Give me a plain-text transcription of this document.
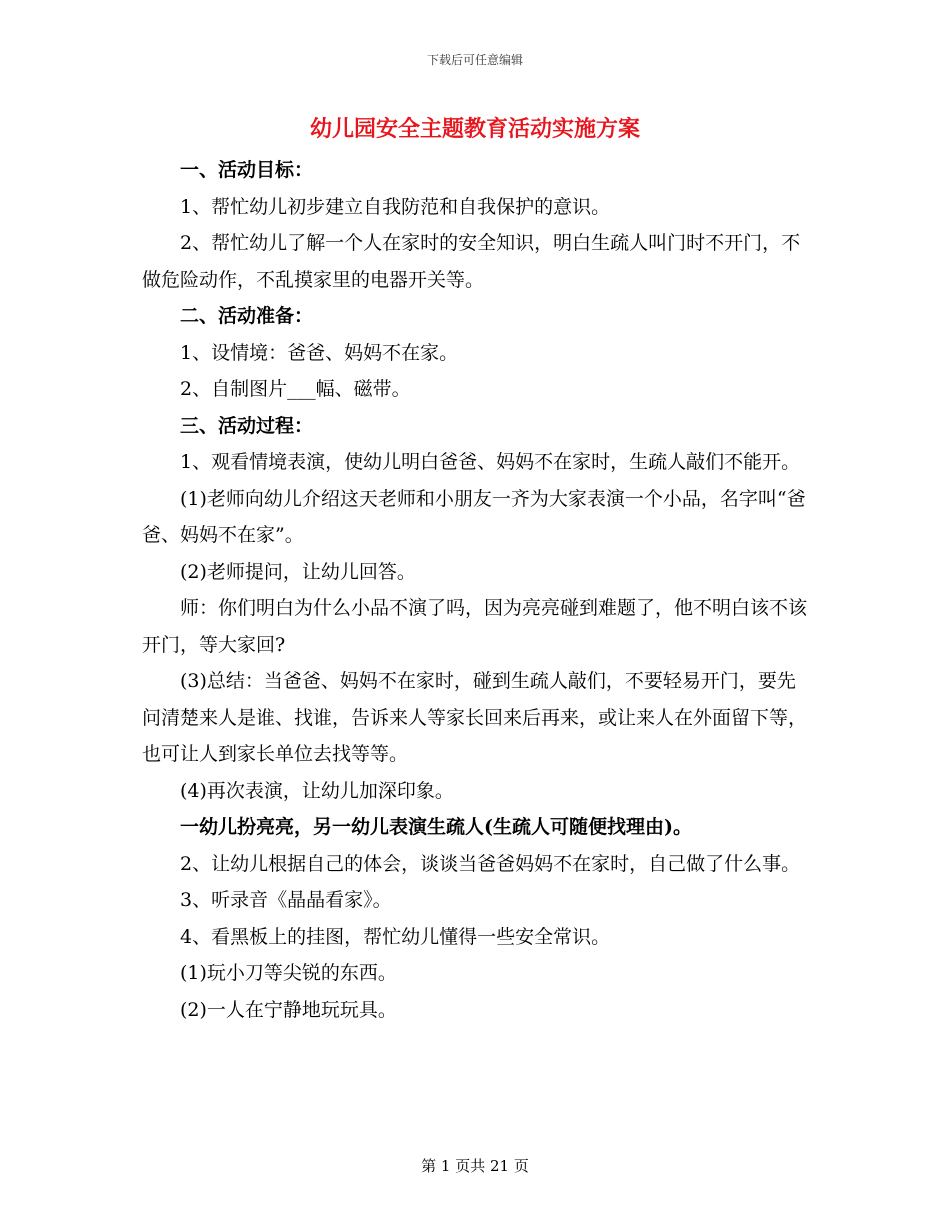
下载后可任意编辑
幼儿园安全主题教育活动实施方案

一、活动目标：

1、帮忙幼儿初步建立自我防范和自我保护的意识。

2、帮忙幼儿了解一个人在家时的安全知识，明白生疏人叫门时不开门，不做危险动作，不乱摸家里的电器开关等。

二、活动准备：

1、设情境：爸爸、妈妈不在家。

2、自制图片___幅、磁带。

三、活动过程：

1、观看情境表演，使幼儿明白爸爸、妈妈不在家时，生疏人敲们不能开。

(1)老师向幼儿介绍这天老师和小朋友一齐为大家表演一个小品，名字叫“爸爸、妈妈不在家”。

(2)老师提问，让幼儿回答。

师：你们明白为什么小品不演了吗，因为亮亮碰到难题了，他不明白该不该开门，等大家回?

(3)总结：当爸爸、妈妈不在家时，碰到生疏人敲们，不要轻易开门，要先问清楚来人是谁、找谁，告诉来人等家长回来后再来，或让来人在外面留下等，也可让人到家长单位去找等等。

(4)再次表演，让幼儿加深印象。

一幼儿扮亮亮，另一幼儿表演生疏人(生疏人可随便找理由)。

2、让幼儿根据自己的体会，谈谈当爸爸妈妈不在家时，自己做了什么事。

3、听录音《晶晶看家》。

4、看黑板上的挂图，帮忙幼儿懂得一些安全常识。

(1)玩小刀等尖锐的东西。

(2)一人在宁静地玩玩具。

第 1 页共 21 页
